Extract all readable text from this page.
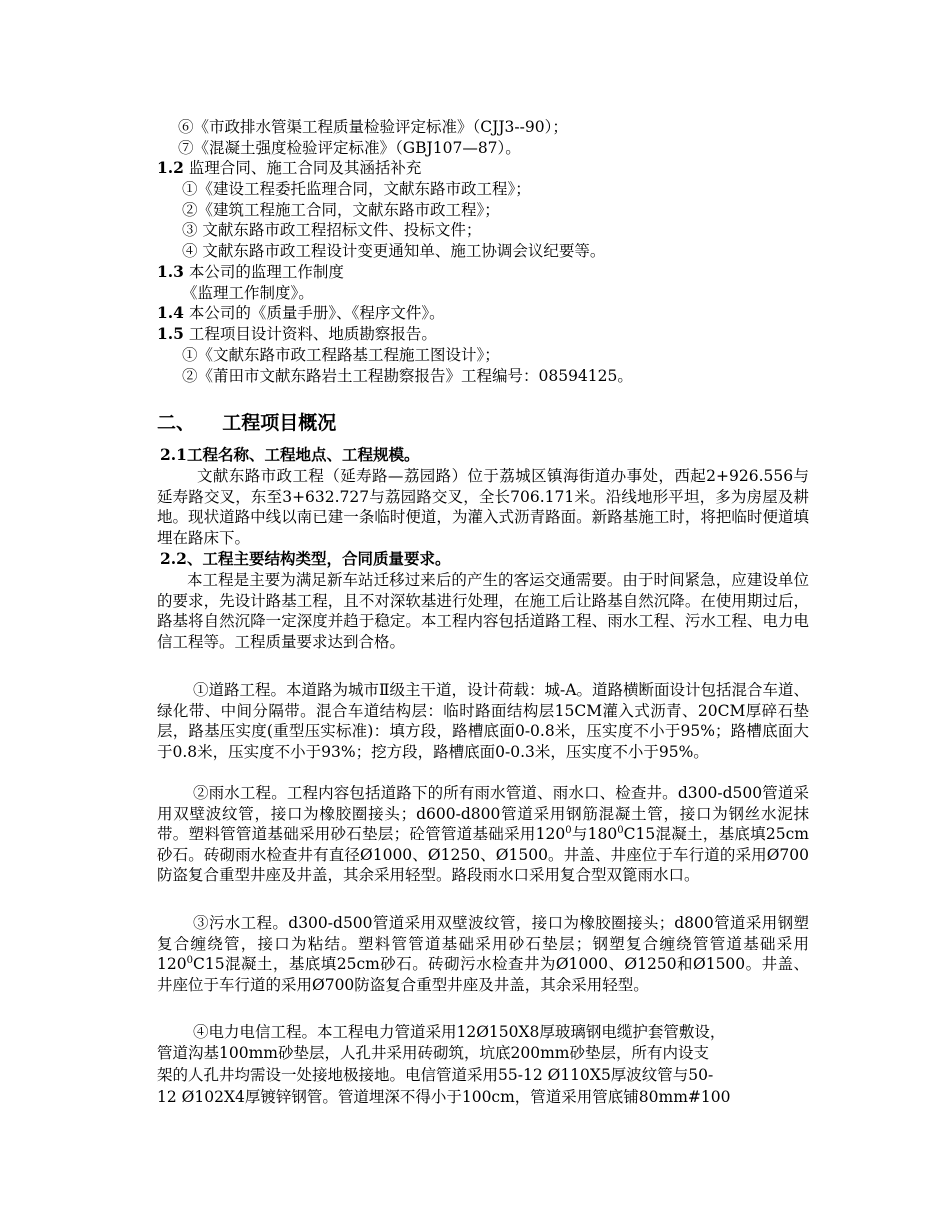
⑥《市政排水管渠工程质量检验评定标准》（CJJ3--90）；
⑦《混凝土强度检验评定标准》（GBJ107—87）。
1.2 监理合同、施工合同及其涵括补充
①《建设工程委托监理合同，文献东路市政工程》；
②《建筑工程施工合同，文献东路市政工程》；
③ 文献东路市政工程招标文件、投标文件；
④ 文献东路市政工程设计变更通知单、施工协调会议纪要等。
1.3 本公司的监理工作制度
《监理工作制度》。
1.4 本公司的《质量手册》、《程序文件》。
1.5 工程项目设计资料、地质勘察报告。
①《文献东路市政工程路基工程施工图设计》；
②《莆田市文献东路岩土工程勘察报告》工程编号：08594125。
二、 工程项目概况
2.1工程名称、工程地点、工程规模。
文献东路市政工程（延寿路—荔园路）位于荔城区镇海街道办事处，西起2+926.556与延寿路交叉，东至3+632.727与荔园路交叉，全长706.171米。沿线地形平坦，多为房屋及耕地。现状道路中线以南已建一条临时便道，为灌入式沥青路面。新路基施工时，将把临时便道填埋在路床下。
2.2、工程主要结构类型，合同质量要求。
本工程是主要为满足新车站迁移过来后的产生的客运交通需要。由于时间紧急，应建设单位的要求，先设计路基工程，且不对深软基进行处理，在施工后让路基自然沉降。在使用期过后，路基将自然沉降一定深度并趋于稳定。本工程内容包括道路工程、雨水工程、污水工程、电力电信工程等。工程质量要求达到合格。
①道路工程。本道路为城市Ⅱ级主干道，设计荷载：城-A。道路横断面设计包括混合车道、绿化带、中间分隔带。混合车道结构层：临时路面结构层15CM灌入式沥青、20CM厚碎石垫层，路基压实度(重型压实标准)：填方段，路槽底面0-0.8米，压实度不小于95%；路槽底面大于0.8米，压实度不小于93%；挖方段，路槽底面0-0.3米，压实度不小于95%。
②雨水工程。工程内容包括道路下的所有雨水管道、雨水口、检查井。d300-d500管道采用双壁波纹管，接口为橡胶圈接头；d600-d800管道采用钢筋混凝土管，接口为钢丝水泥抹带。塑料管管道基础采用砂石垫层；砼管管道基础采用$120^0$与$180^0C15$混凝土，基底填25cm砂石。砖砌雨水检查井有直径Ø1000、Ø1250、Ø1500。井盖、井座位于车行道的采用Ø700防盗复合重型井座及井盖，其余采用轻型。路段雨水口采用复合型双篦雨水口。
③污水工程。d300-d500管道采用双壁波纹管，接口为橡胶圈接头；d800管道采用钢塑复合缠绕管，接口为粘结。塑料管管道基础采用砂石垫层；钢塑复合缠绕管管道基础采用$120^0C15$混凝土，基底填25cm砂石。砖砌污水检查井为Ø1000、Ø1250和Ø1500。井盖、井座位于车行道的采用Ø700防盗复合重型井座及井盖，其余采用轻型。
④电力电信工程。本工程电力管道采用12Ø150X8厚玻璃钢电缆护套管敷设，
管道沟基100mm砂垫层，人孔井采用砖砌筑，坑底200mm砂垫层，所有内设支
架的人孔井均需设一处接地极接地。电信管道采用55-12 Ø110X5厚波纹管与50-
12 Ø102X4厚镀锌钢管。管道埋深不得小于100cm，管道采用管底铺80mm#100
